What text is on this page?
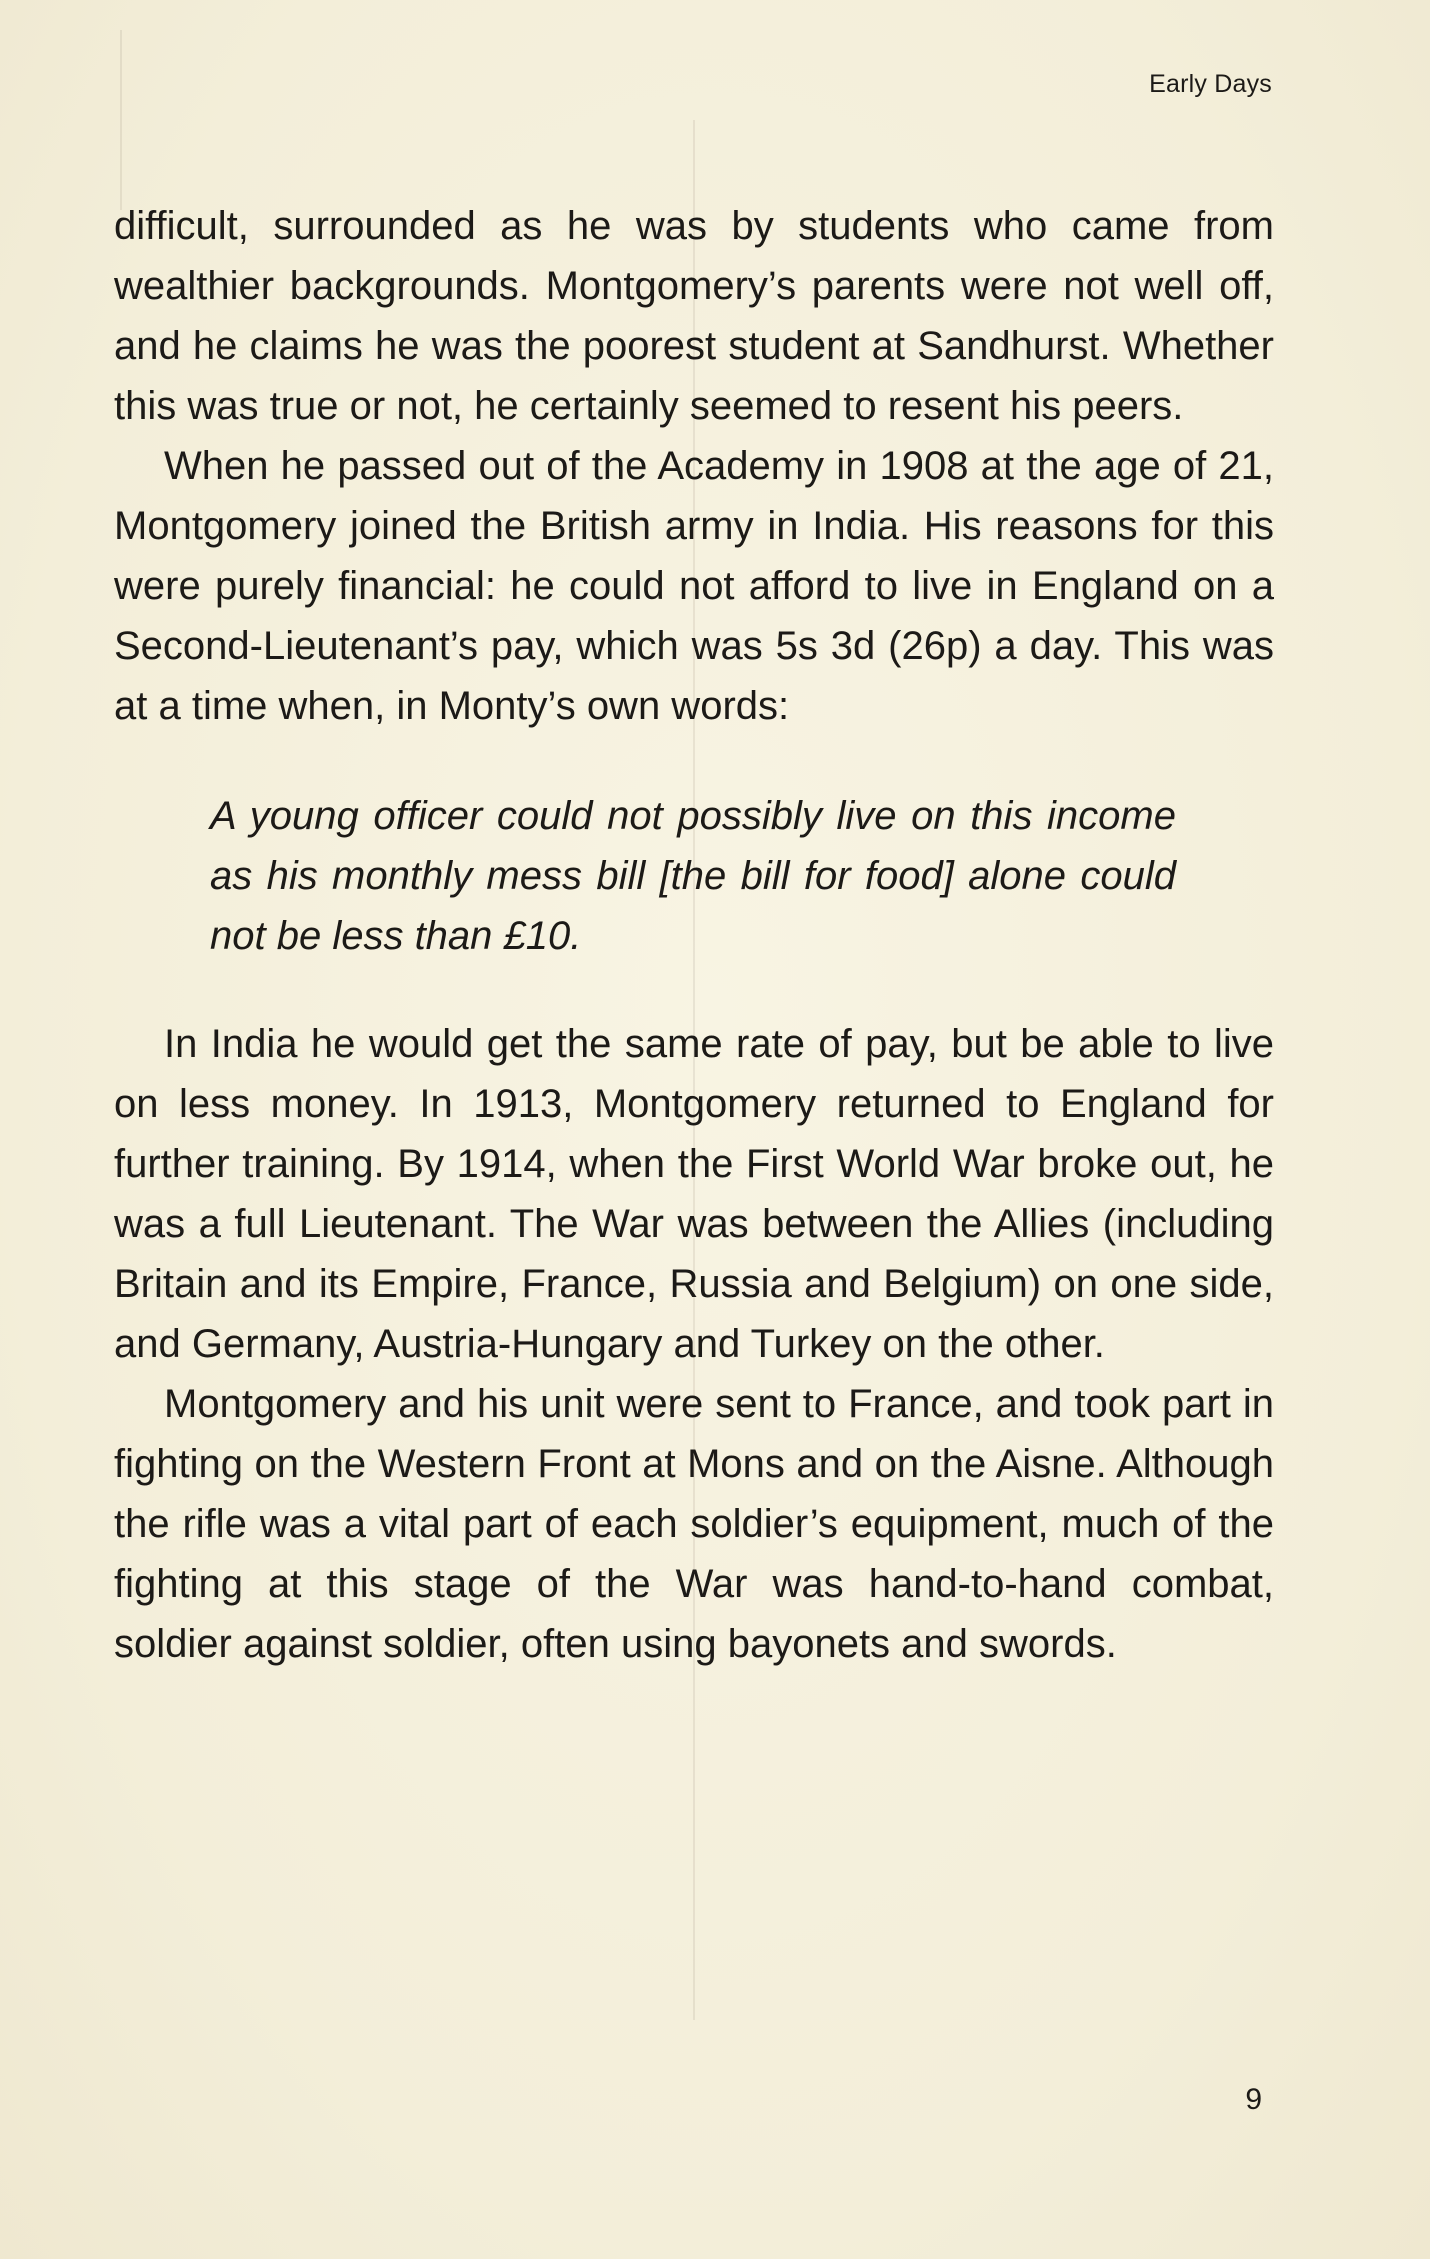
Early Days

difficult, surrounded as he was by students who came from wealthier backgrounds. Montgomery’s parents were not well off, and he claims he was the poorest student at Sandhurst. Whether this was true or not, he certainly seemed to resent his peers.

When he passed out of the Academy in 1908 at the age of 21, Montgomery joined the British army in India. His reasons for this were purely financial: he could not afford to live in England on a Second-Lieutenant’s pay, which was 5s 3d (26p) a day. This was at a time when, in Monty’s own words:

A young officer could not possibly live on this income as his monthly mess bill [the bill for food] alone could not be less than £10.

In India he would get the same rate of pay, but be able to live on less money. In 1913, Montgomery returned to England for further training. By 1914, when the First World War broke out, he was a full Lieutenant. The War was between the Allies (including Britain and its Empire, France, Russia and Belgium) on one side, and Germany, Austria-Hungary and Turkey on the other.

Montgomery and his unit were sent to France, and took part in fighting on the Western Front at Mons and on the Aisne. Although the rifle was a vital part of each soldier’s equipment, much of the fighting at this stage of the War was hand-to-hand combat, soldier against soldier, often using bayonets and swords.

9
